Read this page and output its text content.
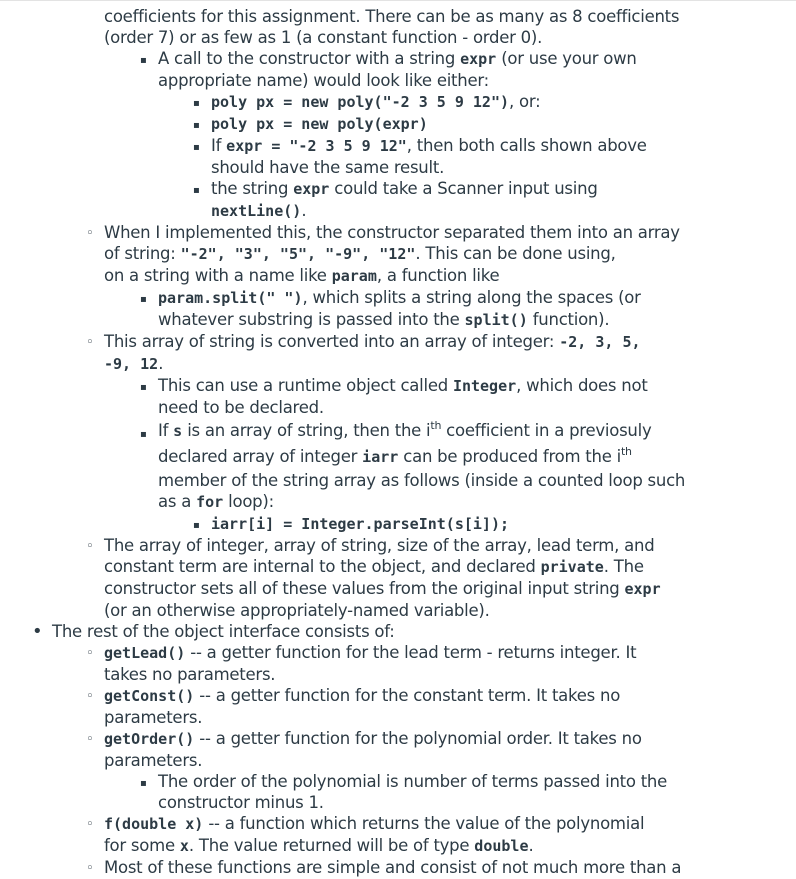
coefficients for this assignment. There can be as many as 8 coefficients
(order 7) or as few as 1 (a constant function - order 0).
▪ A call to the constructor with a string expr (or use your own
appropriate name) would look like either:
▪ poly px = new poly("-2 3 5 9 12"), or:
▪ poly px = new poly(expr)
▪ If expr = "-2 3 5 9 12", then both calls shown above
should have the same result.
▪ the string expr could take a Scanner input using
nextLine().
◦ When I implemented this, the constructor separated them into an array
of string: "-2", "3", "5", "-9", "12". This can be done using,
on a string with a name like param, a function like
▪ param.split(" "), which splits a string along the spaces (or
whatever substring is passed into the split() function).
◦ This array of string is converted into an array of integer: -2, 3, 5,
-9, 12.
▪ This can use a runtime object called Integer, which does not
need to be declared.
▪ If s is an array of string, then the $i^{th}$ coefficient in a previosuly
declared array of integer iarr can be produced from the $i^{th}$
member of the string array as follows (inside a counted loop such
as a for loop):
▪ iarr[i] = Integer.parseInt(s[i]);
◦ The array of integer, array of string, size of the array, lead term, and
constant term are internal to the object, and declared private. The
constructor sets all of these values from the original input string expr
(or an otherwise appropriately-named variable).
• The rest of the object interface consists of:
◦ getLead() -- a getter function for the lead term - returns integer. It
takes no parameters.
◦ getConst() -- a getter function for the constant term. It takes no
parameters.
◦ getOrder() -- a getter function for the polynomial order. It takes no
parameters.
▪ The order of the polynomial is number of terms passed into the
constructor minus 1.
◦ f(double x) -- a function which returns the value of the polynomial
for some x. The value returned will be of type double.
◦ Most of these functions are simple and consist of not much more than a
